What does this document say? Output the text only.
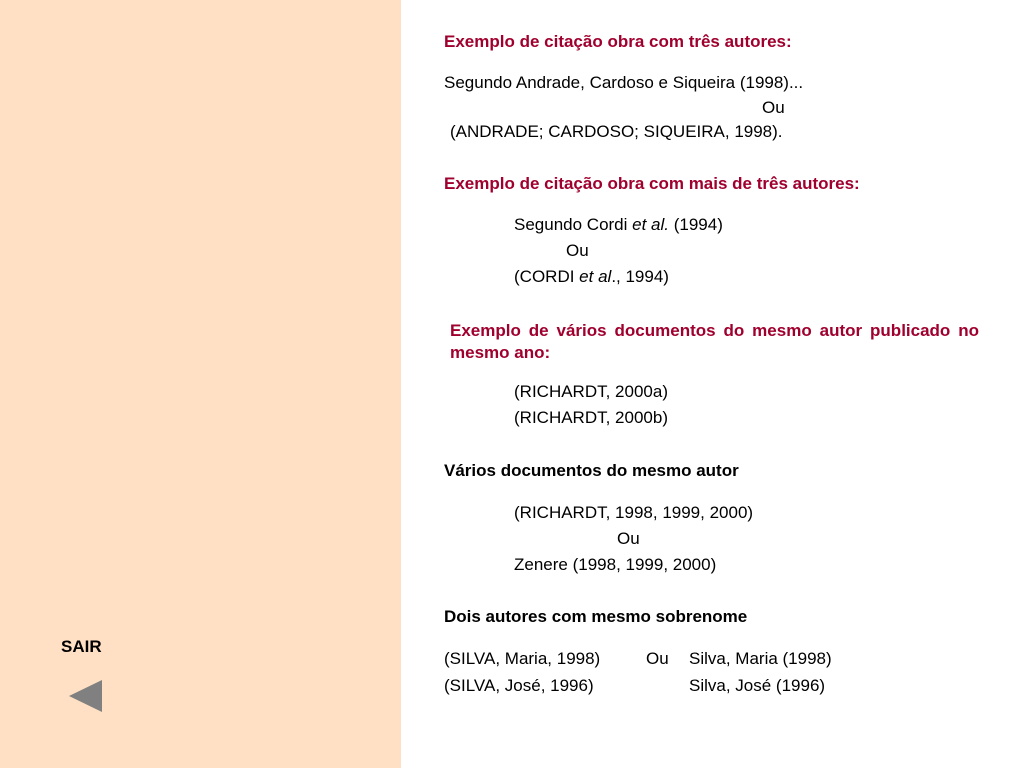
SAIR
Exemplo de citação obra com três autores:
Segundo Andrade, Cardoso e Siqueira (1998)...
Ou
(ANDRADE; CARDOSO; SIQUEIRA, 1998).
Exemplo de citação obra com mais de três autores:
Segundo Cordi et al. (1994)
Ou
(CORDI et al., 1994)
Exemplo de vários documentos do mesmo autor publicado no mesmo ano:
(RICHARDT, 2000a)
(RICHARDT, 2000b)
Vários documentos do mesmo autor
(RICHARDT, 1998, 1999, 2000)
Ou
Zenere (1998, 1999, 2000)
Dois autores com mesmo sobrenome
(SILVA, Maria, 1998)	Ou Silva, Maria (1998)
(SILVA, José, 1996)	Silva, José (1996)
